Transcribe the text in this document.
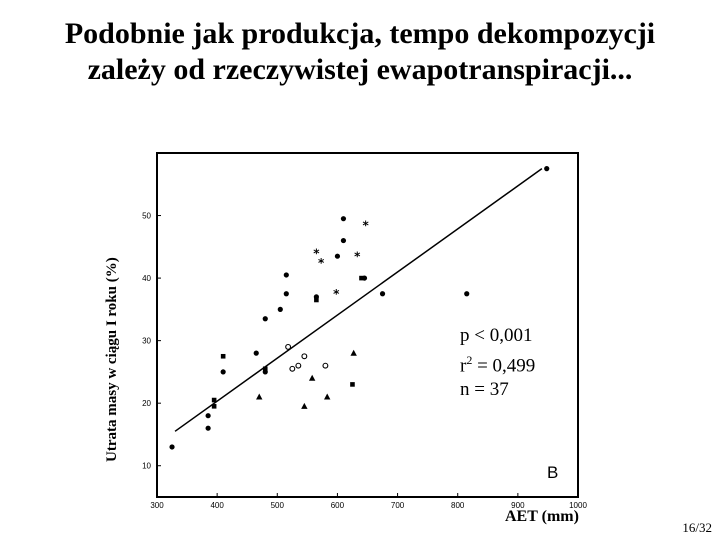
Podobnie jak produkcja, tempo dekompozycji
zależy od rzeczywistej ewapotranspiracji...
300	400	500	600	700	800	900	1000
10
20
30
40
50
*
*
*
*
*
Utrata masy w ciągu I roku (%)	p < 0,001
$r^2 = 0,499$
n = 37
B
AET (mm)
16/32
